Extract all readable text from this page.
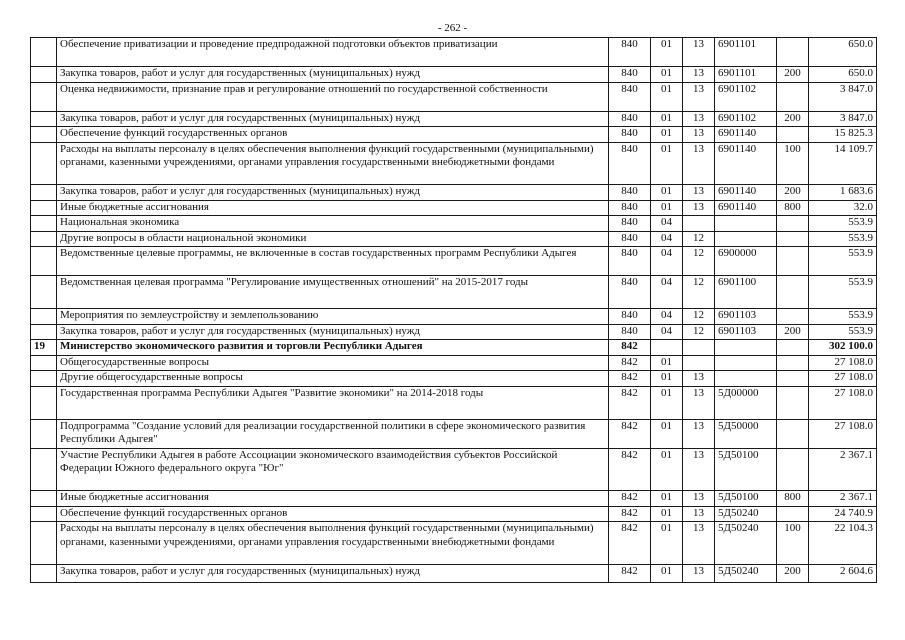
- 262 -
	Обеспечение приватизации и проведение предпродажной подготовки объектов приватизации	840	01	13	6901101		650.0
	Закупка товаров, работ и услуг для государственных (муниципальных) нужд	840	01	13	6901101	200	650.0
	Оценка недвижимости, признание прав и регулирование отношений по государственной собственности	840	01	13	6901102		3 847.0
	Закупка товаров, работ и услуг для государственных (муниципальных) нужд	840	01	13	6901102	200	3 847.0
	Обеспечение функций государственных органов	840	01	13	6901140		15 825.3
	Расходы на выплаты персоналу в целях обеспечения выполнения функций государственными (муниципальными) органами, казенными учреждениями, органами управления государственными внебюджетными фондами	840	01	13	6901140	100	14 109.7
	Закупка товаров, работ и услуг для государственных (муниципальных) нужд	840	01	13	6901140	200	1 683.6
	Иные бюджетные ассигнования	840	01	13	6901140	800	32.0
	Национальная экономика	840	04				553.9
	Другие вопросы в области национальной экономики	840	04	12			553.9
	Ведомственные целевые программы, не включенные в состав государственных программ Республики Адыгея	840	04	12	6900000		553.9
	Ведомственная целевая программа "Регулирование имущественных отношений" на 2015-2017 годы	840	04	12	6901100		553.9
	Мероприятия по землеустройству и землепользованию	840	04	12	6901103		553.9
	Закупка товаров, работ и услуг для государственных (муниципальных) нужд	840	04	12	6901103	200	553.9
19	Министерство экономического развития и торговли Республики Адыгея	842					302 100.0
	Общегосударственные вопросы	842	01				27 108.0
	Другие общегосударственные вопросы	842	01	13			27 108.0
	Государственная программа Республики Адыгея "Развитие экономики" на 2014-2018 годы	842	01	13	5Д00000		27 108.0
	Подпрограмма "Создание условий для реализации государственной политики в сфере экономического развития Республики Адыгея"	842	01	13	5Д50000		27 108.0
	Участие Республики Адыгея в работе Ассоциации экономического взаимодействия субъектов Российской Федерации Южного федерального округа "Юг"	842	01	13	5Д50100		2 367.1
	Иные бюджетные ассигнования	842	01	13	5Д50100	800	2 367.1
	Обеспечение функций государственных органов	842	01	13	5Д50240		24 740.9
	Расходы на выплаты персоналу в целях обеспечения выполнения функций государственными (муниципальными) органами, казенными учреждениями, органами управления государственными внебюджетными фондами	842	01	13	5Д50240	100	22 104.3
	Закупка товаров, работ и услуг для государственных (муниципальных) нужд	842	01	13	5Д50240	200	2 604.6
